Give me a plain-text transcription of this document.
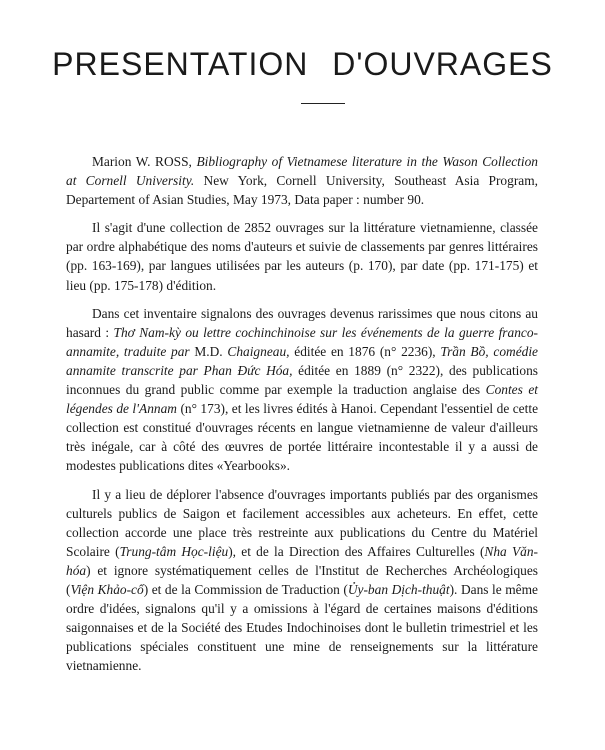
PRESENTATION D'OUVRAGES

Marion W. ROSS, Bibliography of Vietnamese literature in the Wason Collection at Cornell University. New York, Cornell University, Southeast Asia Program, Departement of Asian Studies, May 1973, Data paper : number 90.

Il s'agit d'une collection de 2852 ouvrages sur la littérature vietnamienne, classée par ordre alphabétique des noms d'auteurs et suivie de classements par genres littéraires (pp. 163-169), par langues utilisées par les auteurs (p. 170), par date (pp. 171-175) et lieu (pp. 175-178) d'édition.

Dans cet inventaire signalons des ouvrages devenus rarissimes que nous citons au hasard : Thơ Nam-kỳ ou lettre cochinchinoise sur les événements de la guerre franco-annamite, traduite par M.D. Chaigneau, éditée en 1876 (n° 2236), Trần Bồ, comédie annamite transcrite par Phan Đức Hóa, éditée en 1889 (n° 2322), des publications inconnues du grand public comme par exemple la traduction anglaise des Contes et légendes de l'Annam (n° 173), et les livres édités à Hanoi. Cependant l'essentiel de cette collection est constitué d'ouvrages récents en langue vietnamienne de valeur d'ailleurs très inégale, car à côté des œuvres de portée littéraire incontestable il y a aussi de modestes publications dites «Yearbooks».

Il y a lieu de déplorer l'absence d'ouvrages importants publiés par des organismes culturels publics de Saigon et facilement accessibles aux acheteurs. En effet, cette collection accorde une place très restreinte aux publications du Centre du Matériel Scolaire (Trung-tâm Học-liệu), et de la Direction des Affaires Culturelles (Nha Văn-hóa) et ignore systématiquement celles de l'Institut de Recherches Archéologiques (Viện Khảo-cổ) et de la Commission de Traduction (Ủy-ban Dịch-thuật). Dans le même ordre d'idées, signalons qu'il y a omissions à l'égard de certaines maisons d'éditions saigonnaises et de la Société des Etudes Indochinoises dont le bulletin trimestriel et les publications spéciales constituent une mine de renseignements sur la littérature vietnamienne.
